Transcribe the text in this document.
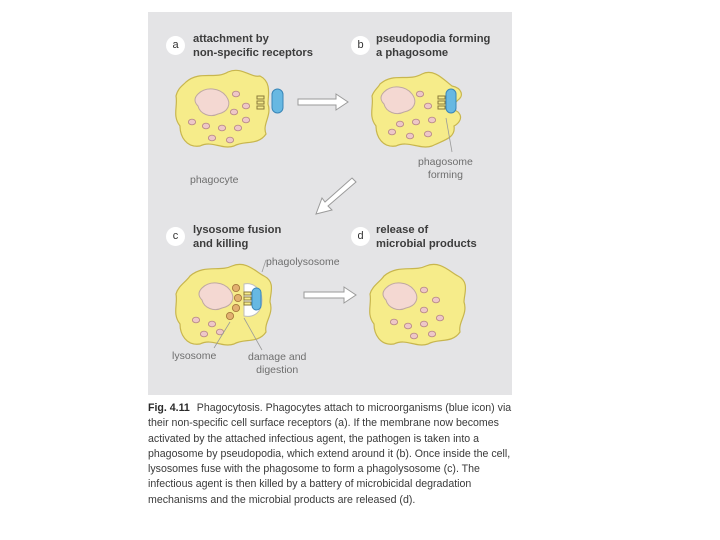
a	attachment by
non-specific receptors
b	pseudopodia forming
a phagosome
c	lysosome fusion
and killing
d	release of
microbial products
phagocyte
phagosome
forming
phagolysosome
lysosome	damage and
digestion
Fig. 4.11 Phagocytosis. Phagocytes attach to microorganisms (blue icon) via their non-specific cell surface receptors (a). If the membrane now becomes activated by the attached infectious agent, the pathogen is taken into a phagosome by pseudopodia, which extend around it (b). Once inside the cell, lysosomes fuse with the phagosome to form a phagolysosome (c). The infectious agent is then killed by a battery of microbicidal degradation mechanisms and the microbial products are released (d).
